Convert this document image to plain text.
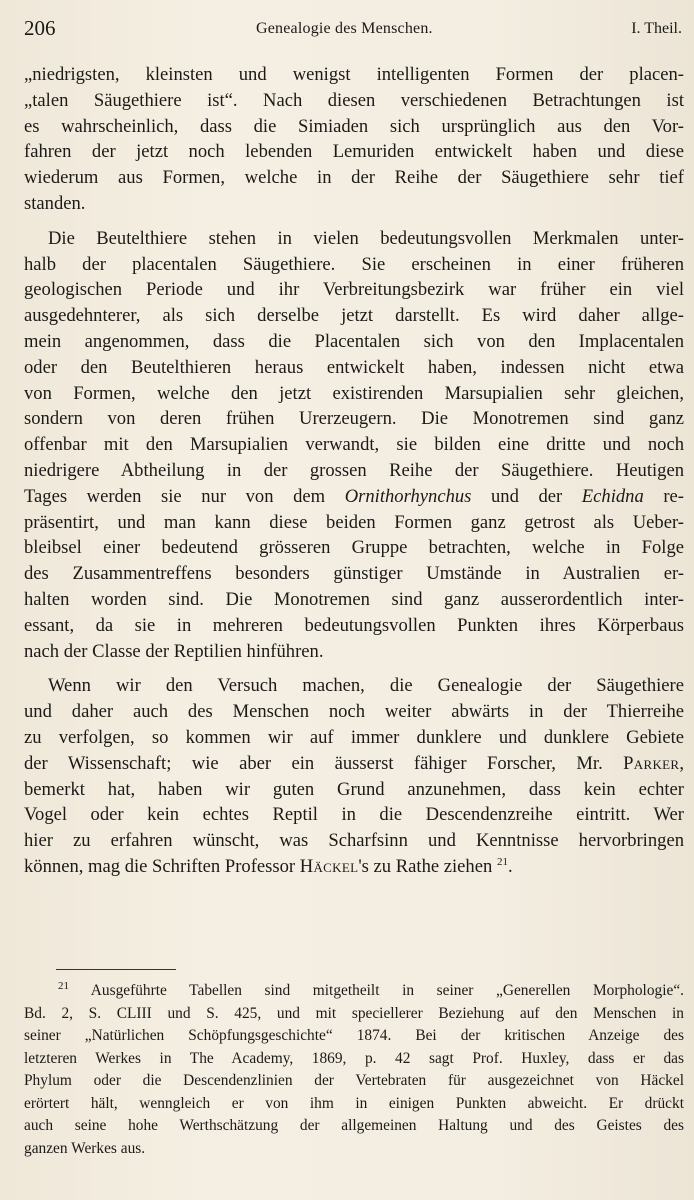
206	Genealogie des Menschen.	I. Theil.
„niedrigsten, kleinsten und wenigst intelligenten Formen der placen-
„talen Säugethiere ist“. Nach diesen verschiedenen Betrachtungen ist
es wahrscheinlich, dass die Simiaden sich ursprünglich aus den Vor-
fahren der jetzt noch lebenden Lemuriden entwickelt haben und diese
wiederum aus Formen, welche in der Reihe der Säugethiere sehr tief
standen.
Die Beutelthiere stehen in vielen bedeutungsvollen Merkmalen unter-
halb der placentalen Säugethiere. Sie erscheinen in einer früheren
geologischen Periode und ihr Verbreitungsbezirk war früher ein viel
ausgedehnterer, als sich derselbe jetzt darstellt. Es wird daher allge-
mein angenommen, dass die Placentalen sich von den Implacentalen
oder den Beutelthieren heraus entwickelt haben, indessen nicht etwa
von Formen, welche den jetzt existirenden Marsupialien sehr gleichen,
sondern von deren frühen Urerzeugern. Die Monotremen sind ganz
offenbar mit den Marsupialien verwandt, sie bilden eine dritte und noch
niedrigere Abtheilung in der grossen Reihe der Säugethiere. Heutigen
Tages werden sie nur von dem Ornithorhynchus und der Echidna re-
präsentirt, und man kann diese beiden Formen ganz getrost als Ueber-
bleibsel einer bedeutend grösseren Gruppe betrachten, welche in Folge
des Zusammentreffens besonders günstiger Umstände in Australien er-
halten worden sind. Die Monotremen sind ganz ausserordentlich inter-
essant, da sie in mehreren bedeutungsvollen Punkten ihres Körperbaus
nach der Classe der Reptilien hinführen.
Wenn wir den Versuch machen, die Genealogie der Säugethiere
und daher auch des Menschen noch weiter abwärts in der Thierreihe
zu verfolgen, so kommen wir auf immer dunklere und dunklere Gebiete
der Wissenschaft; wie aber ein äusserst fähiger Forscher, Mr. Parker,
bemerkt hat, haben wir guten Grund anzunehmen, dass kein echter
Vogel oder kein echtes Reptil in die Descendenzreihe eintritt. Wer
hier zu erfahren wünscht, was Scharfsinn und Kenntnisse hervorbringen
können, mag die Schriften Professor Häckel's zu Rathe ziehen $^{21}$.
$^{21}$ Ausgeführte Tabellen sind mitgetheilt in seiner „Generellen Morphologie“.
Bd. 2, S. CLIII und S. 425, und mit speciellerer Beziehung auf den Menschen in
seiner „Natürlichen Schöpfungsgeschichte“ 1874. Bei der kritischen Anzeige des
letzteren Werkes in The Academy, 1869, p. 42 sagt Prof. Huxley, dass er das
Phylum oder die Descendenzlinien der Vertebraten für ausgezeichnet von Häckel
erörtert hält, wenngleich er von ihm in einigen Punkten abweicht. Er drückt
auch seine hohe Werthschätzung der allgemeinen Haltung und des Geistes des
ganzen Werkes aus.
